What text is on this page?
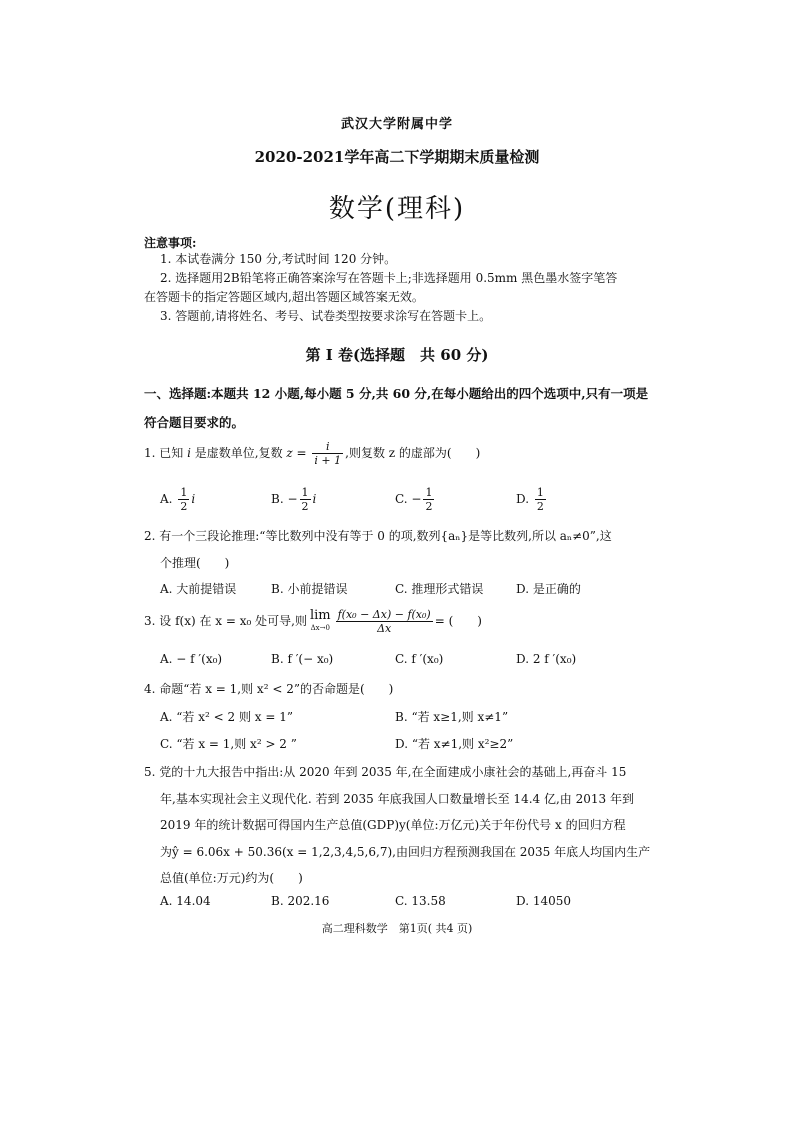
武汉大学附属中学
2020-2021学年高二下学期期末质量检测
数学(理科)
注意事项:
1. 本试卷满分 150 分,考试时间 120 分钟。
2. 选择题用2B铅笔将正确答案涂写在答题卡上;非选择题用 0.5mm 黑色墨水签字笔答
在答题卡的指定答题区域内,超出答题区域答案无效。
3. 答题前,请将姓名、考号、试卷类型按要求涂写在答题卡上。
第 I 卷(选择题　共 60 分)
一、选择题:本题共 12 小题,每小题 5 分,共 60 分,在每小题给出的四个选项中,只有一项是
符合题目要求的。
1. 已知 i 是虚数单位,复数 $z = \frac{i}{i + 1}$ ,则复数 z 的虚部为(　　)
A. $\frac{1}{2}$ i	B. − $\frac{1}{2}$ i	C. − $\frac{1}{2}$	D. $\frac{1}{2}$
2. 有一个三段论推理:“等比数列中没有等于 0 的项,数列{aₙ}是等比数列,所以 aₙ≠0”,这
个推理(　　)
A. 大前提错误	B. 小前提错误	C. 推理形式错误	D. 是正确的
3. 设 f(x) 在 x = x₀ 处可导,则 lim
$\Delta x\to 0 \frac{\text{f(x₀ − Δx) − f(x₀)}}{\Delta x}$ = (　　)
A. − f ′(x₀)	B. f ′(− x₀)	C. f ′(x₀)	D. 2 f ′(x₀)
4. 命题“若 x = 1,则 x² < 2”的否命题是(　　)
A. “若 x² < 2 则 x = 1”	B. “若 x≥1,则 x≠1”
C. “若 x = 1,则 x² > 2 ”	D. “若 x≠1,则 x²≥2”
5. 党的十九大报告中指出:从 2020 年到 2035 年,在全面建成小康社会的基础上,再奋斗 15
年,基本实现社会主义现代化. 若到 2035 年底我国人口数量增长至 14.4 亿,由 2013 年到
2019 年的统计数据可得国内生产总值(GDP)y(单位:万亿元)关于年份代号 x 的回归方程
为ŷ = 6.06x + 50.36(x = 1,2,3,4,5,6,7),由回归方程预测我国在 2035 年底人均国内生产
总值(单位:万元)约为(　　)
A. 14.04	B. 202.16	C. 13.58	D. 14050
高二理科数学　第1页( 共4 页)
